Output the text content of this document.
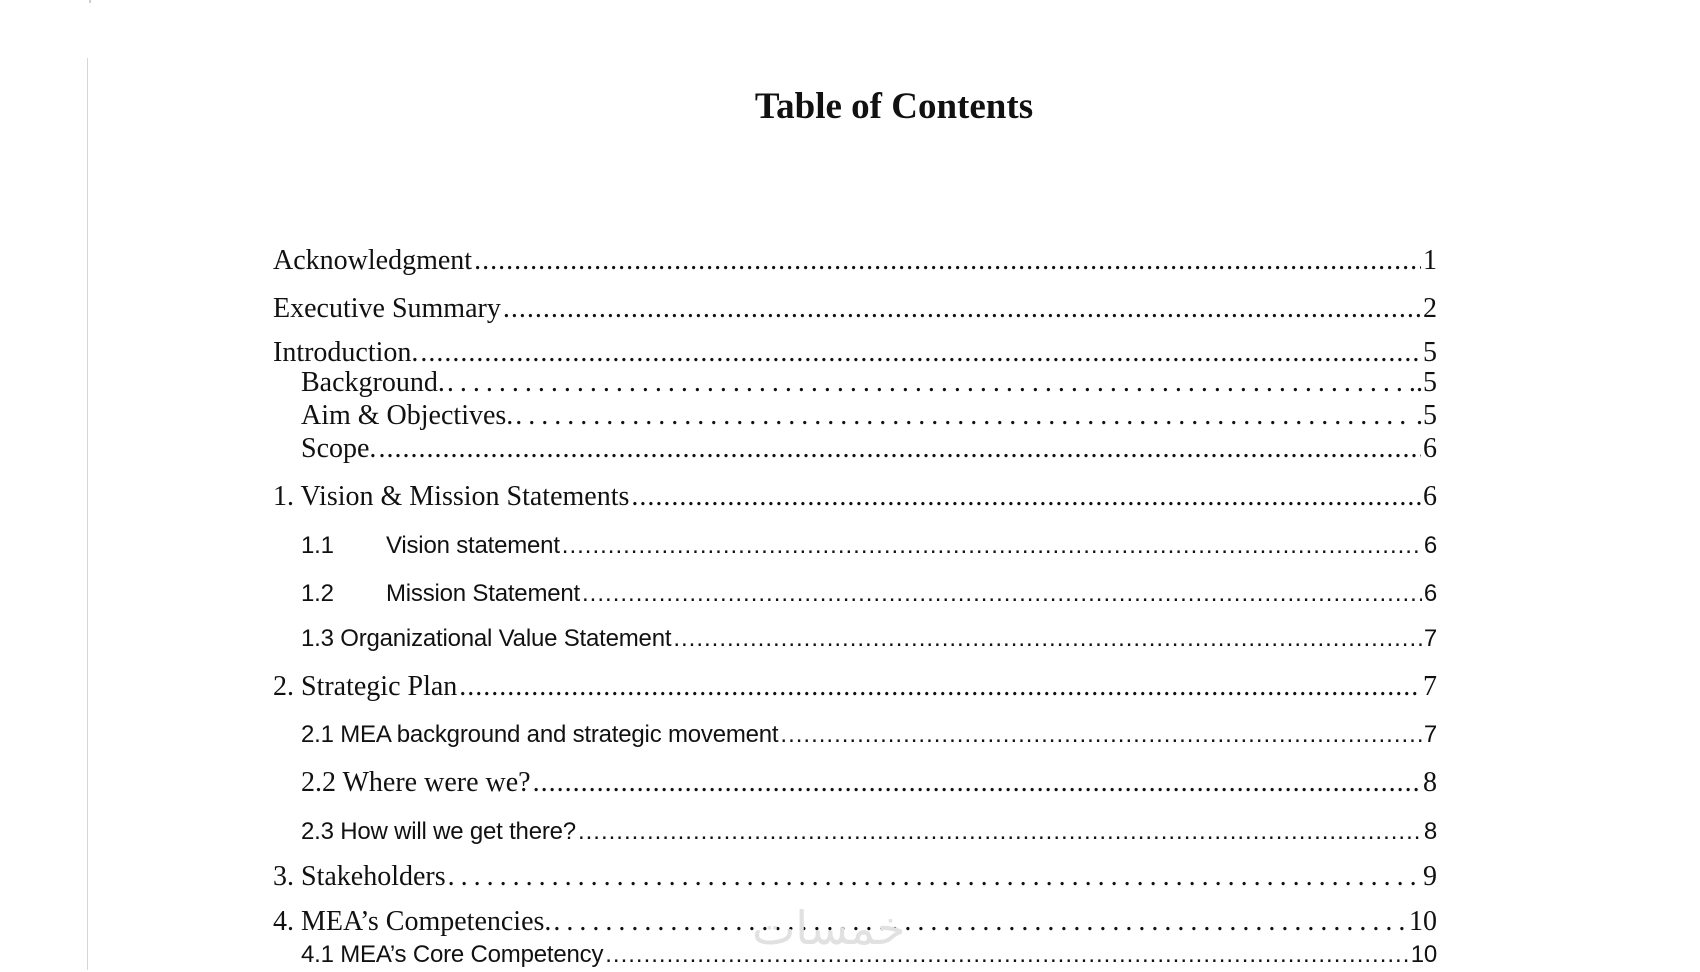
Table of Contents
Acknowledgment .....	1
Executive Summary .....	2
Introduction. .....	5
Background. .....	.5
Aim & Objectives. .....	.5
Scope. .....	6
1. Vision & Mission Statements .....	6
1.1 Vision statement .....	6
1.2 Mission Statement .....	6
1.3 Organizational Value Statement .....	7
2. Strategic Plan .....	7
2.1 MEA background and strategic movement .....	7
2.2 Where were we? .....	8
2.3 How will we get there? .....	8
3. Stakeholders .....	9
4. MEA’s Competencies. .....	10
4.1 MEA’s Core Competency .....	10
خمسات
